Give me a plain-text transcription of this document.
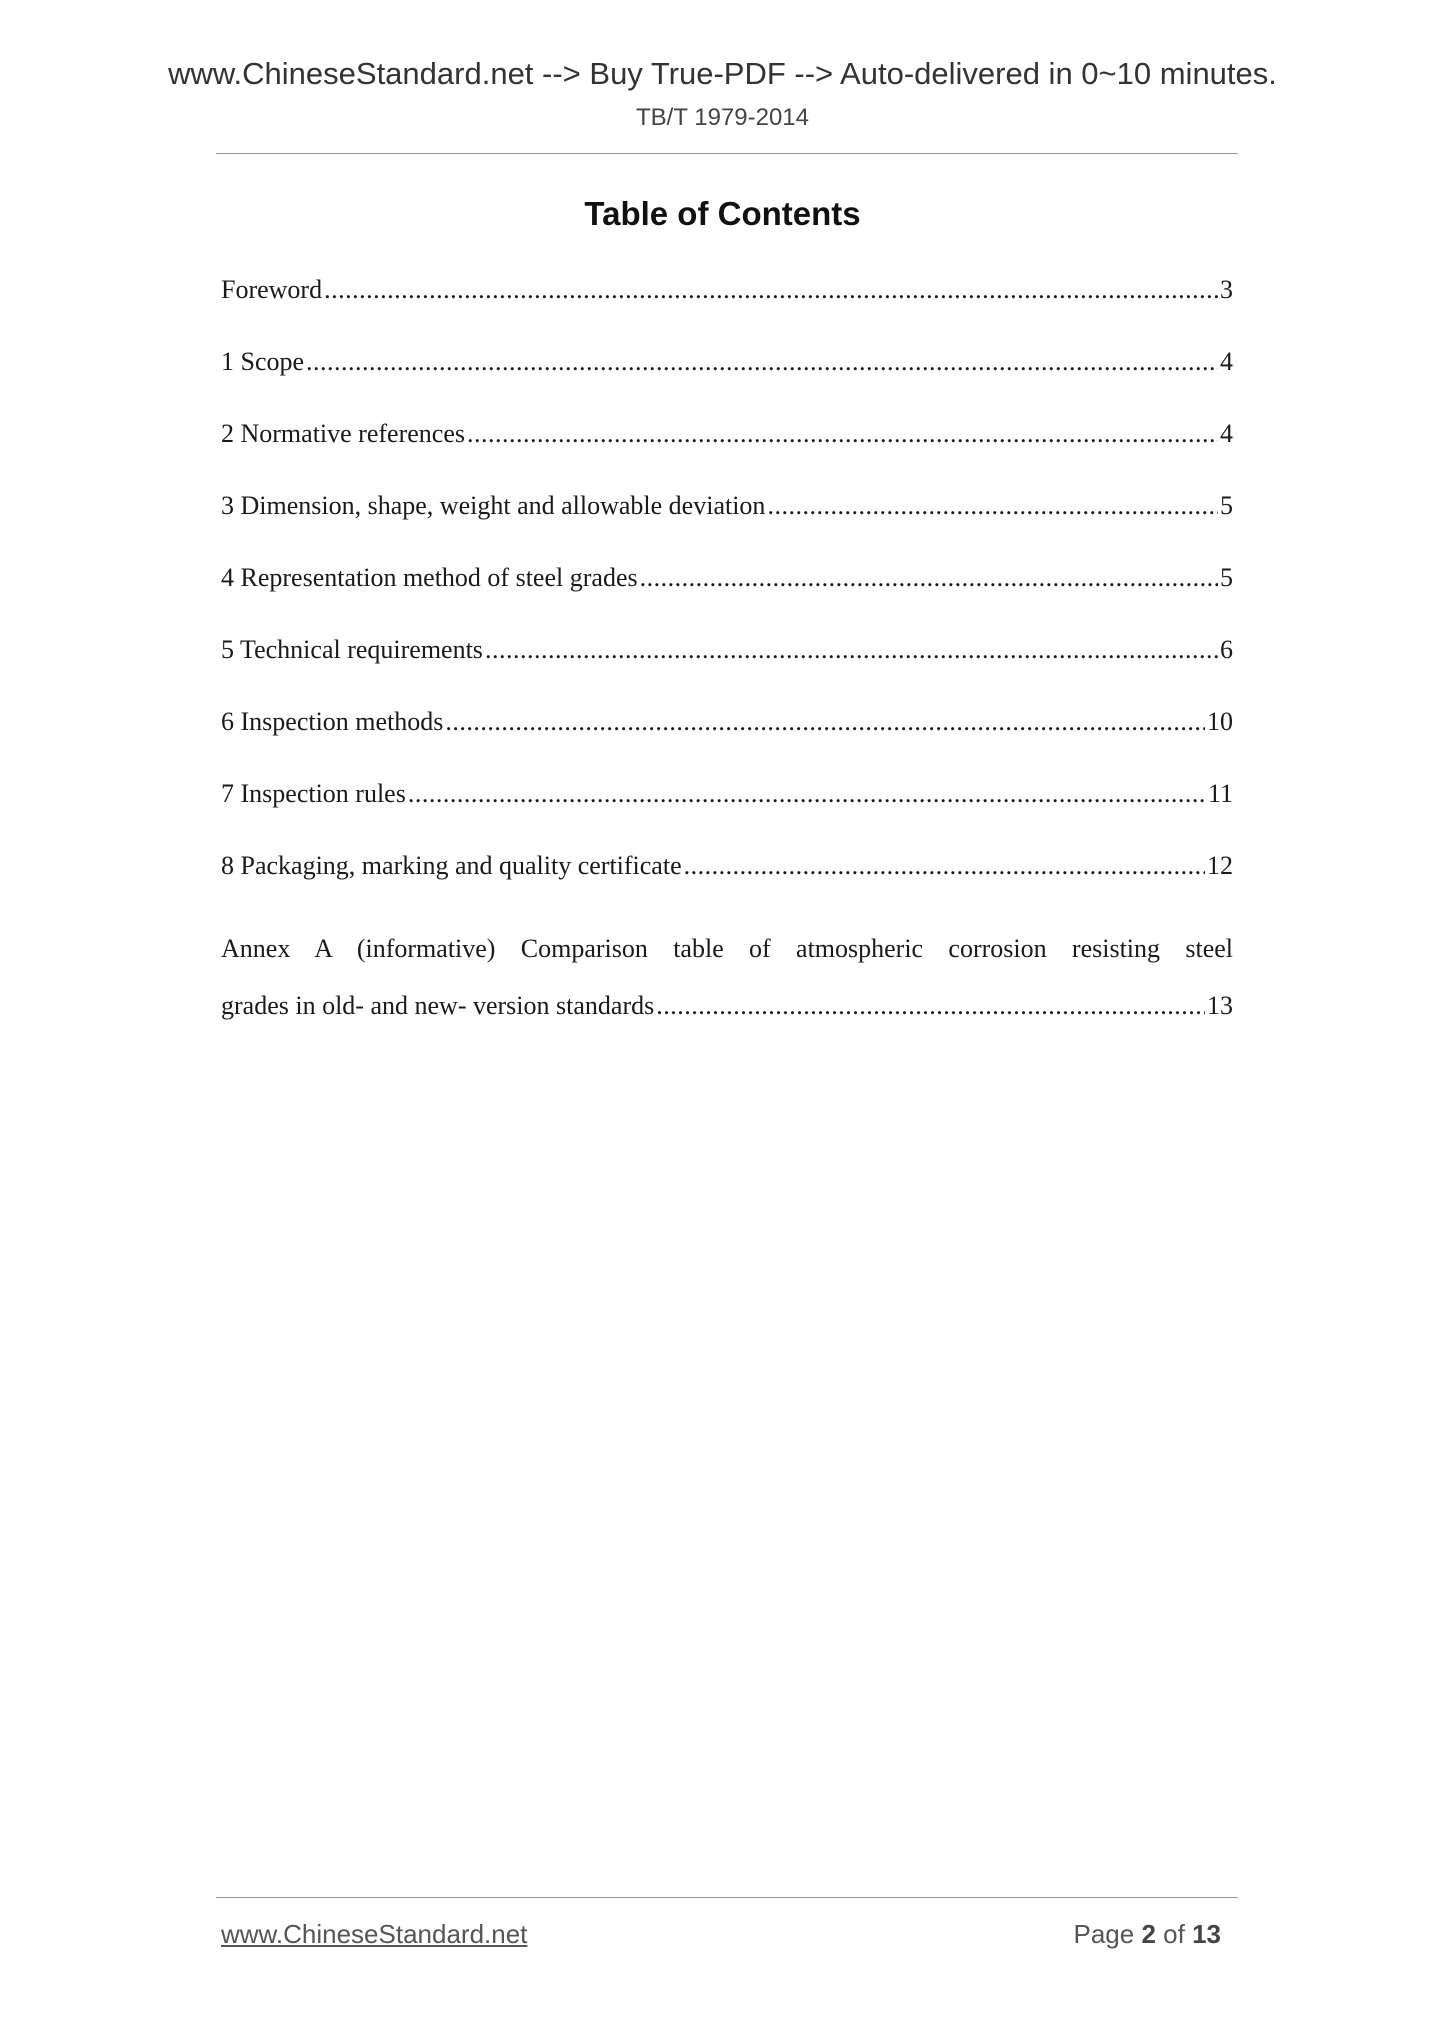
www.ChineseStandard.net --> Buy True-PDF --> Auto-delivered in 0~10 minutes.
TB/T 1979-2014
Table of Contents
Foreword .....	3
1 Scope .....	4
2 Normative references .....	4
3 Dimension, shape, weight and allowable deviation .....	5
4 Representation method of steel grades .....	5
5 Technical requirements .....	6
6 Inspection methods .....	10
7 Inspection rules .....	11
8 Packaging, marking and quality certificate .....	12
Annex A (informative) Comparison table of atmospheric corrosion resisting steel
grades in old- and new- version standards .....	13
www.ChineseStandard.net	Page 2 of 13
